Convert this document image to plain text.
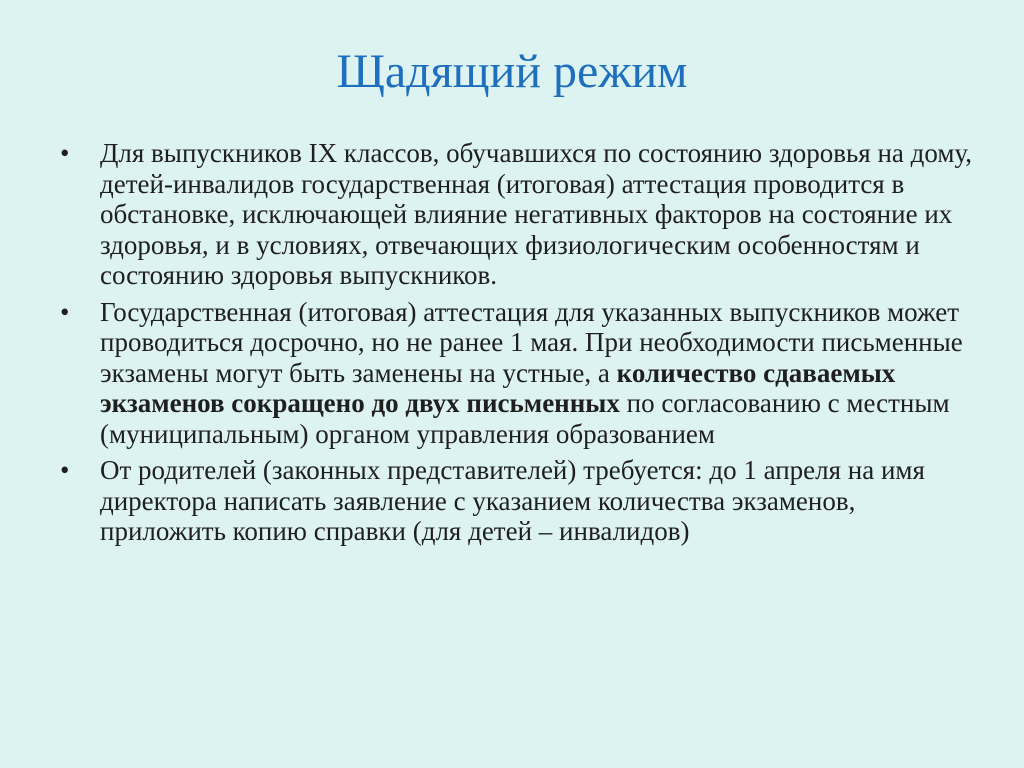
Щадящий режим
•	Для выпускников IX классов, обучавшихся по состоянию здоровья на дому, детей-инвалидов государственная (итоговая) аттестация проводится в обстановке, исключающей влияние негативных факторов на состояние их здоровья, и в условиях, отвечающих физиологическим особенностям и состоянию здоровья выпускников.
•	Государственная (итоговая) аттестация для указанных выпускников может проводиться досрочно, но не ранее 1 мая. При необходимости письменные экзамены могут быть заменены на устные, а количество сдаваемых экзаменов сокращено до двух письменных по согласованию с местным (муниципальным) органом управления образованием
•	От родителей (законных представителей) требуется: до 1 апреля на имя директора написать заявление с указанием количества экзаменов, приложить копию справки (для детей – инвалидов)
